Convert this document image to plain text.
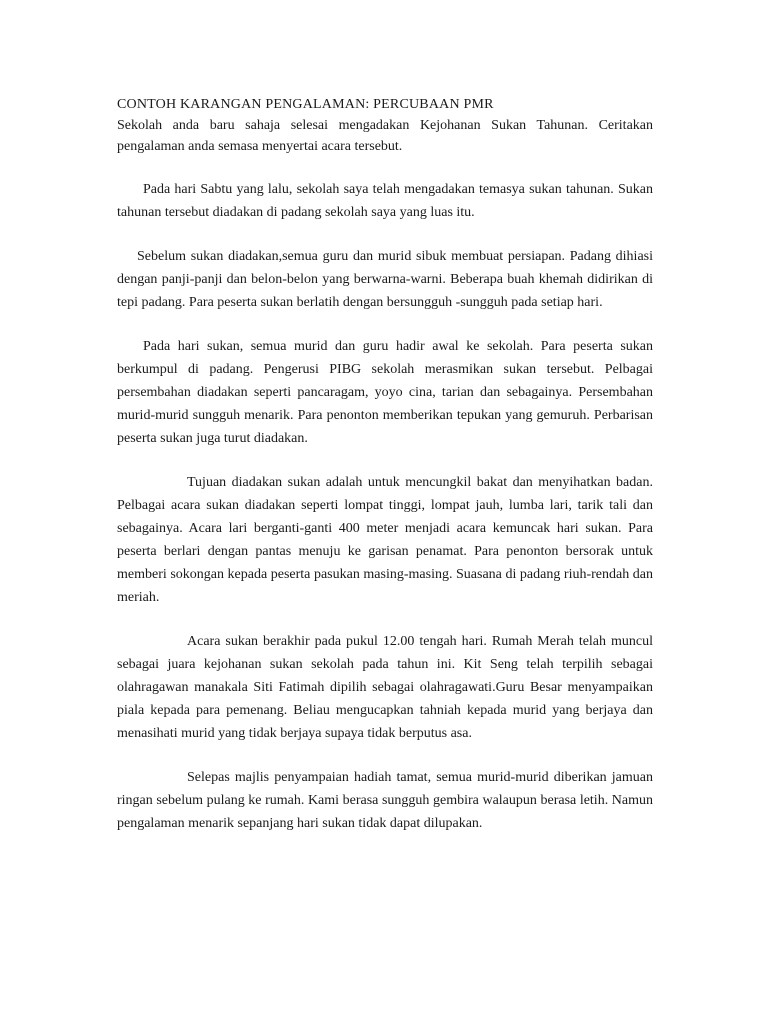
CONTOH KARANGAN PENGALAMAN: PERCUBAAN PMR

Sekolah anda baru sahaja selesai mengadakan Kejohanan Sukan Tahunan. Ceritakan pengalaman anda semasa menyertai acara tersebut.

Pada hari Sabtu yang lalu, sekolah saya telah mengadakan temasya sukan tahunan. Sukan tahunan tersebut diadakan di padang sekolah saya yang luas itu.

Sebelum sukan diadakan,semua guru dan murid sibuk membuat persiapan. Padang dihiasi dengan panji-panji dan belon-belon yang berwarna-warni. Beberapa buah khemah didirikan di tepi padang. Para peserta sukan berlatih dengan bersungguh -sungguh pada setiap hari.

Pada hari sukan, semua murid dan guru hadir awal ke sekolah. Para peserta sukan berkumpul di padang. Pengerusi PIBG sekolah merasmikan sukan tersebut. Pelbagai persembahan diadakan seperti pancaragam, yoyo cina, tarian dan sebagainya. Persembahan murid-murid sungguh menarik. Para penonton memberikan tepukan yang gemuruh. Perbarisan peserta sukan juga turut diadakan.

Tujuan diadakan sukan adalah untuk mencungkil bakat dan menyihatkan badan. Pelbagai acara sukan diadakan seperti lompat tinggi, lompat jauh, lumba lari, tarik tali dan sebagainya. Acara lari berganti-ganti 400 meter menjadi acara kemuncak hari sukan. Para peserta berlari dengan pantas menuju ke garisan penamat. Para penonton bersorak untuk memberi sokongan kepada peserta pasukan masing-masing. Suasana di padang riuh-rendah dan meriah.

Acara sukan berakhir pada pukul 12.00 tengah hari. Rumah Merah telah muncul sebagai juara kejohanan sukan sekolah pada tahun ini. Kit Seng telah terpilih sebagai olahragawan manakala Siti Fatimah dipilih sebagai olahragawati.Guru Besar menyampaikan piala kepada para pemenang. Beliau mengucapkan tahniah kepada murid yang berjaya dan menasihati murid yang tidak berjaya supaya tidak berputus asa.

Selepas majlis penyampaian hadiah tamat, semua murid-murid diberikan jamuan ringan sebelum pulang ke rumah. Kami berasa sungguh gembira walaupun berasa letih. Namun pengalaman menarik sepanjang hari sukan tidak dapat dilupakan.
